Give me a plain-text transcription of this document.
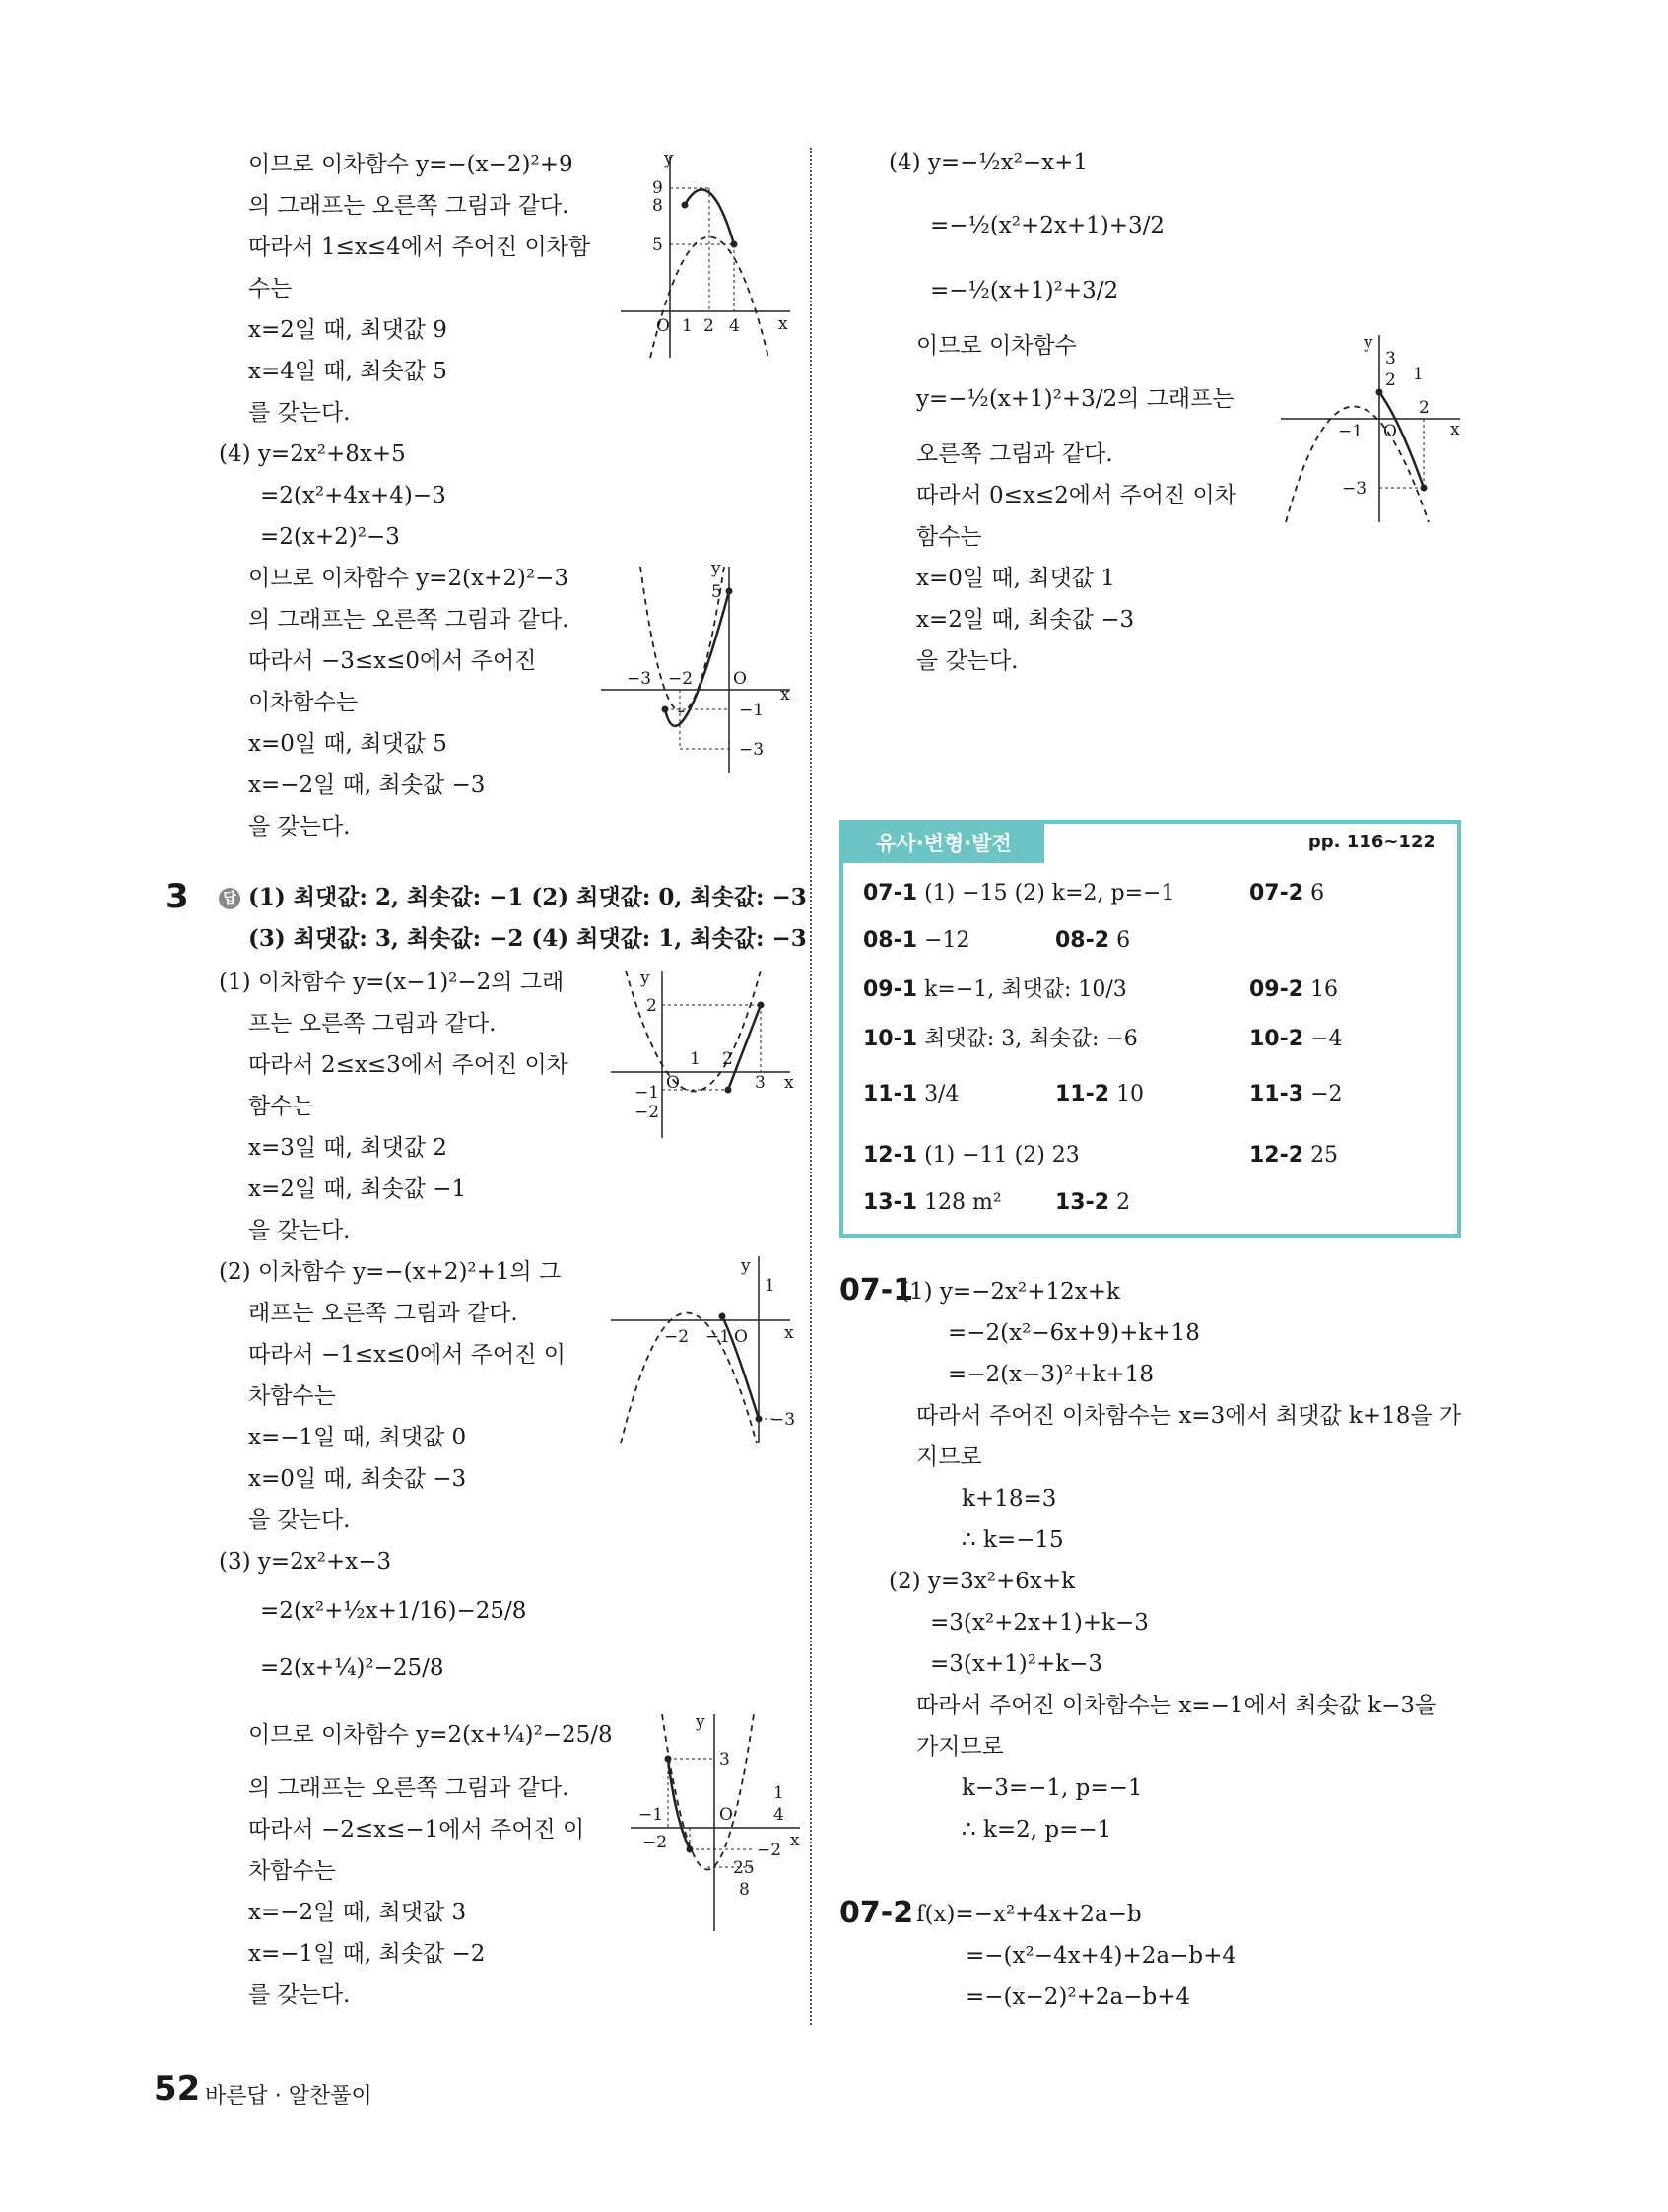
이므로 이차함수 y=−(x−2)²+9
의 그래프는 오른쪽 그림과 같다.
따라서 1≤x≤4에서 주어진 이차함
수는
x=2일 때, 최댓값 9
x=4일 때, 최솟값 5
를 갖는다.
(4) y=2x²+8x+5
=2(x²+4x+4)−3
=2(x+2)²−3
이므로 이차함수 y=2(x+2)²−3
의 그래프는 오른쪽 그림과 같다.
따라서 −3≤x≤0에서 주어진
이차함수는
x=0일 때, 최댓값 5
x=−2일 때, 최솟값 −3
을 갖는다.
3	답 (1) 최댓값: 2, 최솟값: −1 (2) 최댓값: 0, 최솟값: −3
(3) 최댓값: 3, 최솟값: −2 (4) 최댓값: 1, 최솟값: −3
(1) 이차함수 y=(x−1)²−2의 그래
프는 오른쪽 그림과 같다.
따라서 2≤x≤3에서 주어진 이차
함수는
x=3일 때, 최댓값 2
x=2일 때, 최솟값 −1
을 갖는다.
(2) 이차함수 y=−(x+2)²+1의 그
래프는 오른쪽 그림과 같다.
따라서 −1≤x≤0에서 주어진 이
차함수는
x=−1일 때, 최댓값 0
x=0일 때, 최솟값 −3
을 갖는다.
(3) y=2x²+x−3
=2(x²+½x+1/16)−25/8
=2(x+¼)²−25/8
이므로 이차함수 y=2(x+¼)²−25/8
의 그래프는 오른쪽 그림과 같다.
따라서 −2≤x≤−1에서 주어진 이
차함수는
x=−2일 때, 최댓값 3
x=−1일 때, 최솟값 −2
를 갖는다.
y
9
8
5
O 1 2 4 x
y
5
−3 −2 O
−1
−3
x
y
2
1 2
O	3 x
−1
−2
y
1
−2 −1 O x
−3
y
3
1
4
−1	O
x
−2	−2
25
8
(4) y=−½x²−x+1
=−½(x²+2x+1)+3/2
=−½(x+1)²+3/2
이므로 이차함수
y=−½(x+1)²+3/2의 그래프는
오른쪽 그림과 같다.
따라서 0≤x≤2에서 주어진 이차
함수는
x=0일 때, 최댓값 1
x=2일 때, 최솟값 −3
을 갖는다.
y
3
2 1
−1 O
2
x
−3
유사·변형·발전	pp. 116~122
07-1 (1) −15 (2) k=2, p=−1	07-2 6
08-1 −12	08-2 6
09-1 k=−1, 최댓값: 10/3	09-2 16
10-1 최댓값: 3, 최솟값: −6	10-2 −4
11-1 3/4	11-2 10	11-3 −2
12-1 (1) −11 (2) 23	12-2 25
13-1 128 m² 13-2 2
07-1
(1) y=−2x²+12x+k
=−2(x²−6x+9)+k+18
=−2(x−3)²+k+18
따라서 주어진 이차함수는 x=3에서 최댓값 k+18을 가
지므로
k+18=3
∴ k=−15
(2) y=3x²+6x+k
=3(x²+2x+1)+k−3
=3(x+1)²+k−3
따라서 주어진 이차함수는 x=−1에서 최솟값 k−3을
가지므로
k−3=−1, p=−1
∴ k=2, p=−1
07-2 f(x)=−x²+4x+2a−b
=−(x²−4x+4)+2a−b+4
=−(x−2)²+2a−b+4
52 바른답 · 알찬풀이
